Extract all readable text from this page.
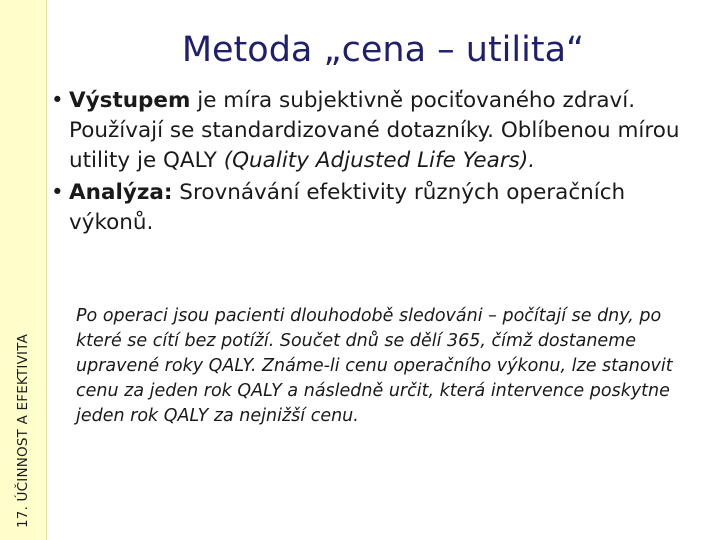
17. ÚČINNOST A EFEKTIVITA
Metoda „cena – utilita“
• Výstupem je míra subjektivně pociťovaného zdraví. Používají se standardizované dotazníky. Oblíbenou mírou utility je QALY (Quality Adjusted Life Years).
• Analýza: Srovnávání efektivity různých operačních výkonů.

Po operaci jsou pacienti dlouhodobě sledováni – počítají se dny, po které se cítí bez potíží. Součet dnů se dělí 365, čímž dostaneme upravené roky QALY. Známe-li cenu operačního výkonu, lze stanovit cenu za jeden rok QALY a následně určit, která intervence poskytne jeden rok QALY za nejnižší cenu.
